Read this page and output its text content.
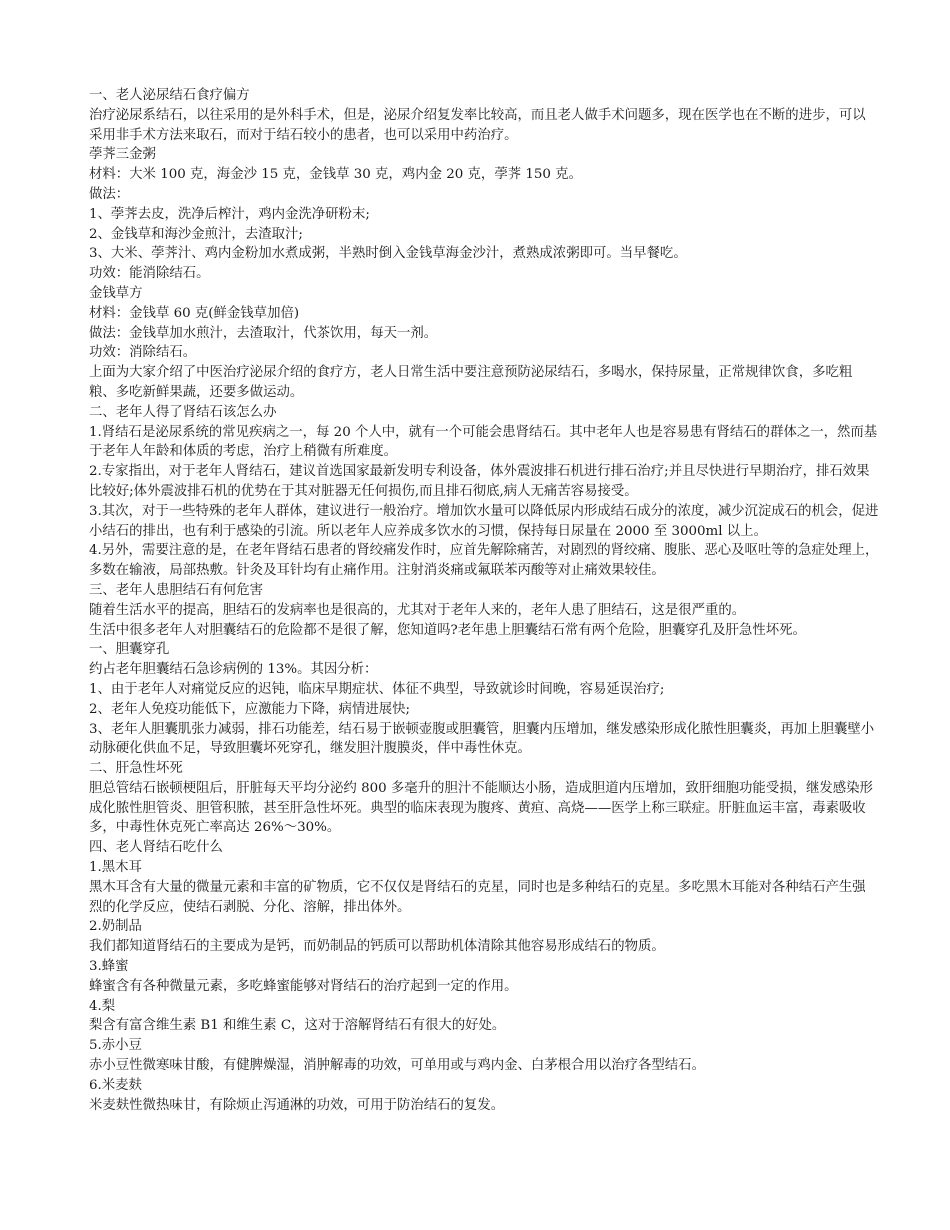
一、老人泌尿结石食疗偏方
治疗泌尿系结石，以往采用的是外科手术，但是，泌尿介绍复发率比较高，而且老人做手术问题多，现在医学也在不断的进步，可以采用非手术方法来取石，而对于结石较小的患者，也可以采用中药治疗。
荸荠三金粥
材料：大米 100 克，海金沙 15 克，金钱草 30 克，鸡内金 20 克，荸荠 150 克。
做法：
1、荸荠去皮，洗净后榨汁，鸡内金洗净研粉末;
2、金钱草和海沙金煎汁，去渣取汁;
3、大米、荸荠汁、鸡内金粉加水煮成粥，半熟时倒入金钱草海金沙汁，煮熟成浓粥即可。当早餐吃。
功效：能消除结石。
金钱草方
材料：金钱草 60 克(鲜金钱草加倍)
做法：金钱草加水煎汁，去渣取汁，代茶饮用，每天一剂。
功效：消除结石。
上面为大家介绍了中医治疗泌尿介绍的食疗方，老人日常生活中要注意预防泌尿结石，多喝水，保持尿量，正常规律饮食，多吃粗粮、多吃新鲜果蔬，还要多做运动。
二、老年人得了肾结石该怎么办
1.肾结石是泌尿系统的常见疾病之一，每 20 个人中，就有一个可能会患肾结石。其中老年人也是容易患有肾结石的群体之一，然而基于老年人年龄和体质的考虑，治疗上稍微有所难度。
2.专家指出，对于老年人肾结石，建议首选国家最新发明专利设备，体外震波排石机进行排石治疗;并且尽快进行早期治疗，排石效果比较好;体外震波排石机的优势在于其对脏器无任何损伤,而且排石彻底,病人无痛苦容易接受。
3.其次，对于一些特殊的老年人群体，建议进行一般治疗。增加饮水量可以降低尿内形成结石成分的浓度，减少沉淀成石的机会，促进小结石的排出，也有利于感染的引流。所以老年人应养成多饮水的习惯，保持每日尿量在 2000 至 3000ml 以上。
4.另外，需要注意的是，在老年肾结石患者的肾绞痛发作时，应首先解除痛苦，对剧烈的肾绞痛、腹胀、恶心及呕吐等的急症处理上，多数在输液，局部热敷。针灸及耳针均有止痛作用。注射消炎痛或氟联苯丙酸等对止痛效果较佳。
三、老年人患胆结石有何危害
随着生活水平的提高，胆结石的发病率也是很高的，尤其对于老年人来的，老年人患了胆结石，这是很严重的。
生活中很多老年人对胆囊结石的危险都不是很了解，您知道吗?老年患上胆囊结石常有两个危险，胆囊穿孔及肝急性坏死。
一、胆囊穿孔
约占老年胆囊结石急诊病例的 13%。其因分析：
1、由于老年人对痛觉反应的迟钝，临床早期症状、体征不典型，导致就诊时间晚，容易延误治疗;
2、老年人免疫功能低下，应激能力下降，病情进展快;
3、老年人胆囊肌张力减弱，排石功能差，结石易于嵌顿壶腹或胆囊管，胆囊内压增加，继发感染形成化脓性胆囊炎，再加上胆囊壁小动脉硬化供血不足，导致胆囊坏死穿孔，继发胆汁腹膜炎，伴中毒性休克。
二、肝急性坏死
胆总管结石嵌顿梗阻后，肝脏每天平均分泌约 800 多毫升的胆汁不能顺达小肠，造成胆道内压增加，致肝细胞功能受损，继发感染形成化脓性胆管炎、胆管积脓，甚至肝急性坏死。典型的临床表现为腹疼、黄疸、高烧——医学上称三联症。肝脏血运丰富，毒素吸收多，中毒性休克死亡率高达 26%～30%。
四、老人肾结石吃什么
1.黑木耳
黑木耳含有大量的微量元素和丰富的矿物质，它不仅仅是肾结石的克星，同时也是多种结石的克星。多吃黑木耳能对各种结石产生强烈的化学反应，使结石剥脱、分化、溶解，排出体外。
2.奶制品
我们都知道肾结石的主要成为是钙，而奶制品的钙质可以帮助机体清除其他容易形成结石的物质。
3.蜂蜜
蜂蜜含有各种微量元素，多吃蜂蜜能够对肾结石的治疗起到一定的作用。
4.梨
梨含有富含维生素 B1 和维生素 C，这对于溶解肾结石有很大的好处。
5.赤小豆
赤小豆性微寒味甘酸，有健脾燥湿，消肿解毒的功效，可单用或与鸡内金、白茅根合用以治疗各型结石。
6.米麦麸
米麦麸性微热味甘，有除烦止泻通淋的功效，可用于防治结石的复发。
